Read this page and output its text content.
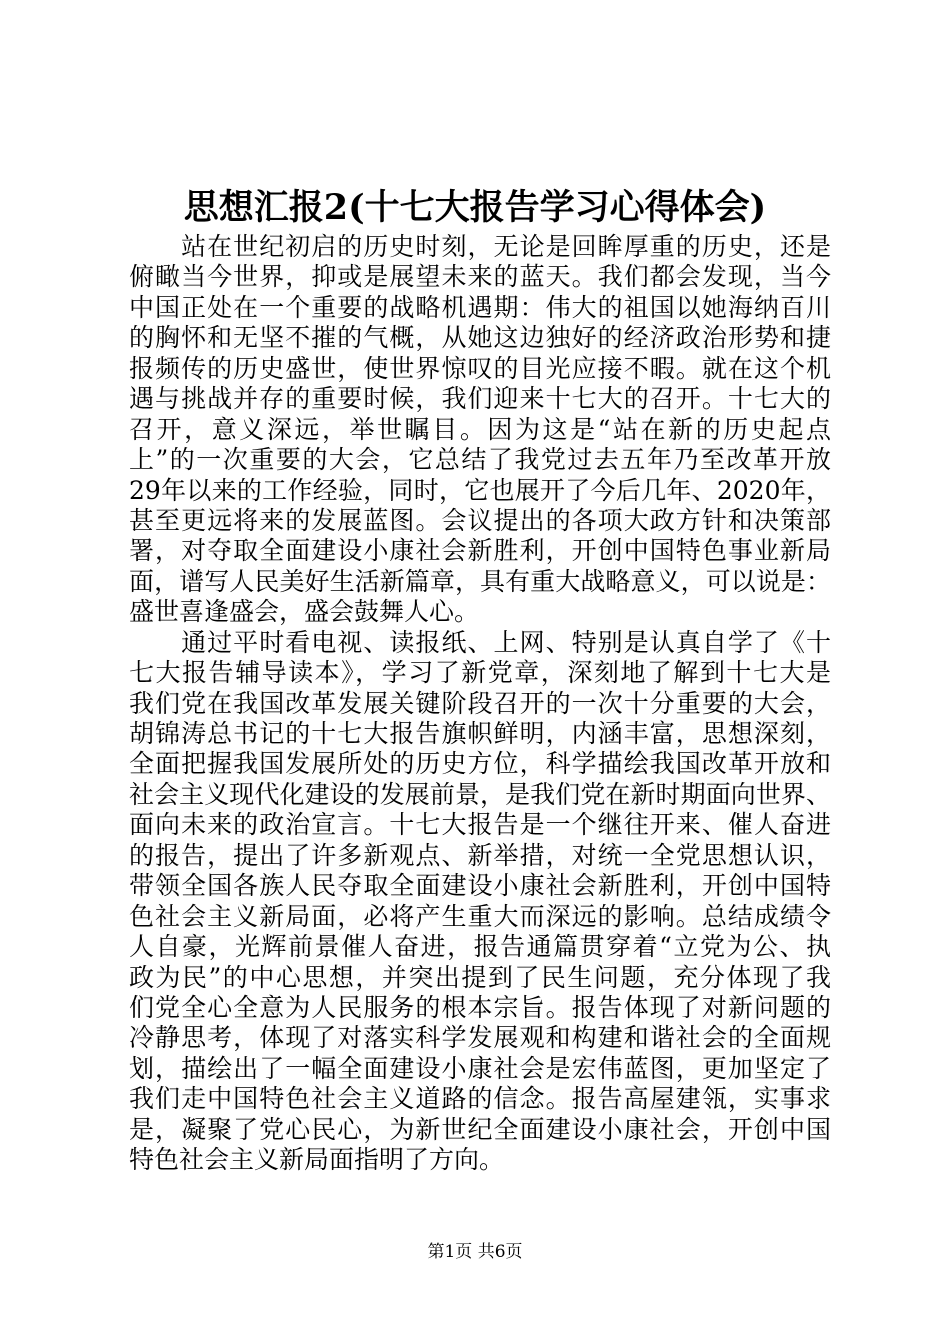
思想汇报2(十七大报告学习心得体会)
　　站在世纪初启的历史时刻，无论是回眸厚重的历史，还是
俯瞰当今世界，抑或是展望未来的蓝天。我们都会发现，当今
中国正处在一个重要的战略机遇期：伟大的祖国以她海纳百川
的胸怀和无坚不摧的气概，从她这边独好的经济政治形势和捷
报频传的历史盛世，使世界惊叹的目光应接不暇。就在这个机
遇与挑战并存的重要时候，我们迎来十七大的召开。十七大的
召开，意义深远，举世瞩目。因为这是“站在新的历史起点
上”的一次重要的大会，它总结了我党过去五年乃至改革开放
29年以来的工作经验，同时，它也展开了今后几年、2020年，
甚至更远将来的发展蓝图。会议提出的各项大政方针和决策部
署，对夺取全面建设小康社会新胜利，开创中国特色事业新局
面，谱写人民美好生活新篇章，具有重大战略意义，可以说是：
盛世喜逢盛会，盛会鼓舞人心。
　　通过平时看电视、读报纸、上网、特别是认真自学了《十
七大报告辅导读本》，学习了新党章，深刻地了解到十七大是
我们党在我国改革发展关键阶段召开的一次十分重要的大会，
胡锦涛总书记的十七大报告旗帜鲜明，内涵丰富，思想深刻，
全面把握我国发展所处的历史方位，科学描绘我国改革开放和
社会主义现代化建设的发展前景，是我们党在新时期面向世界、
面向未来的政治宣言。十七大报告是一个继往开来、催人奋进
的报告，提出了许多新观点、新举措，对统一全党思想认识，
带领全国各族人民夺取全面建设小康社会新胜利，开创中国特
色社会主义新局面，必将产生重大而深远的影响。总结成绩令
人自豪，光辉前景催人奋进，报告通篇贯穿着“立党为公、执
政为民”的中心思想，并突出提到了民生问题，充分体现了我
们党全心全意为人民服务的根本宗旨。报告体现了对新问题的
冷静思考，体现了对落实科学发展观和构建和谐社会的全面规
划，描绘出了一幅全面建设小康社会是宏伟蓝图，更加坚定了
我们走中国特色社会主义道路的信念。报告高屋建瓴，实事求
是，凝聚了党心民心，为新世纪全面建设小康社会，开创中国
特色社会主义新局面指明了方向。
第1页 共6页
